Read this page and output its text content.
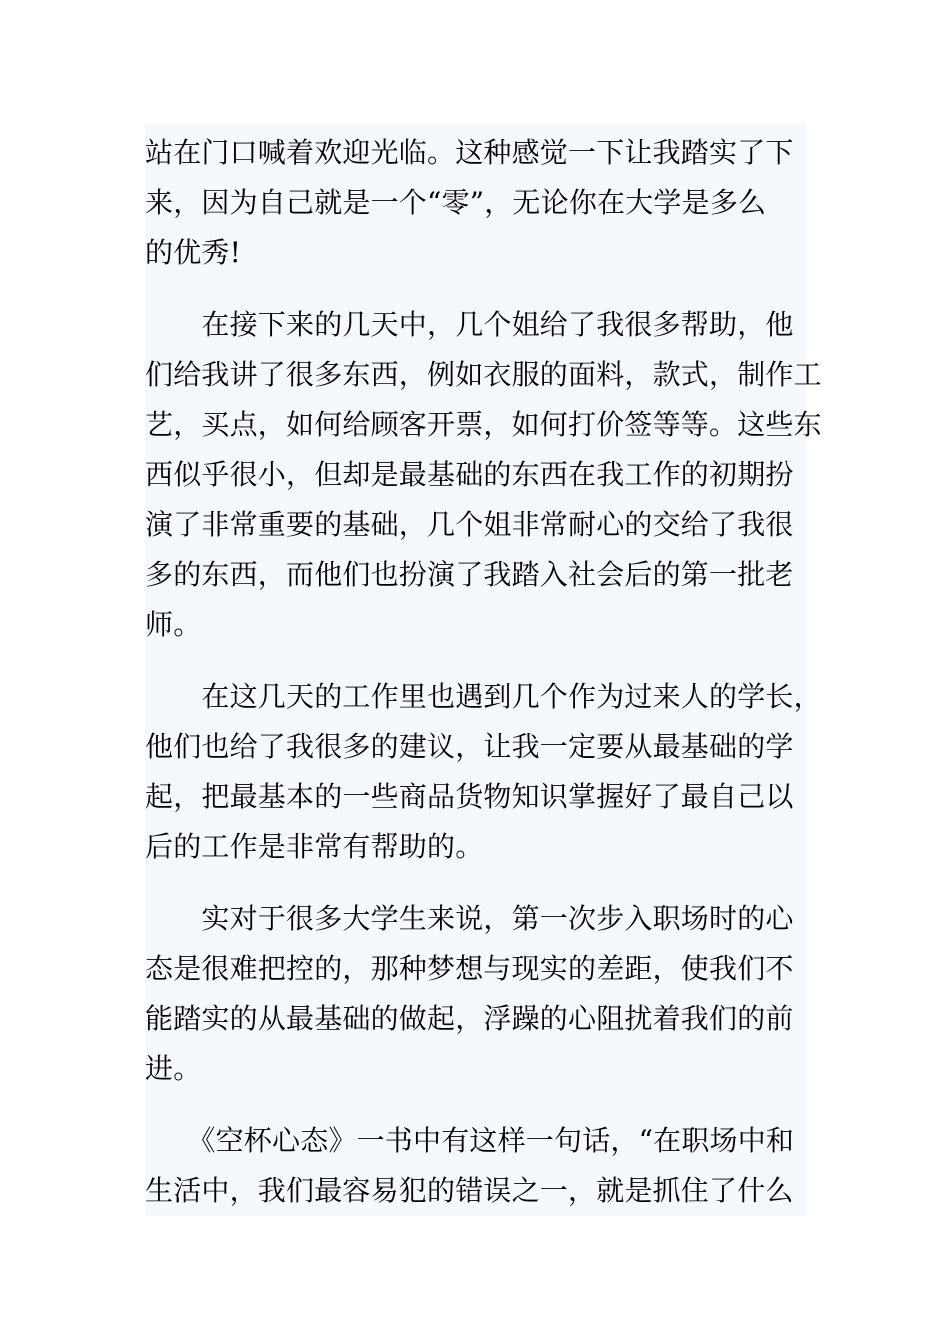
站在门口喊着欢迎光临。这种感觉一下让我踏实了下
来，因为自己就是一个“零”，无论你在大学是多么
的优秀!

　　在接下来的几天中，几个姐给了我很多帮助，他
们给我讲了很多东西，例如衣服的面料，款式，制作工
艺，买点，如何给顾客开票，如何打价签等等。这些东
西似乎很小，但却是最基础的东西在我工作的初期扮
演了非常重要的基础，几个姐非常耐心的交给了我很
多的东西，而他们也扮演了我踏入社会后的第一批老
师。

　　在这几天的工作里也遇到几个作为过来人的学长，
他们也给了我很多的建议，让我一定要从最基础的学
起，把最基本的一些商品货物知识掌握好了最自己以
后的工作是非常有帮助的。

　　实对于很多大学生来说，第一次步入职场时的心
态是很难把控的，那种梦想与现实的差距，使我们不
能踏实的从最基础的做起，浮躁的心阻扰着我们的前
进。

　　《空杯心态》一书中有这样一句话，“在职场中和
生活中，我们最容易犯的错误之一，就是抓住了什么
